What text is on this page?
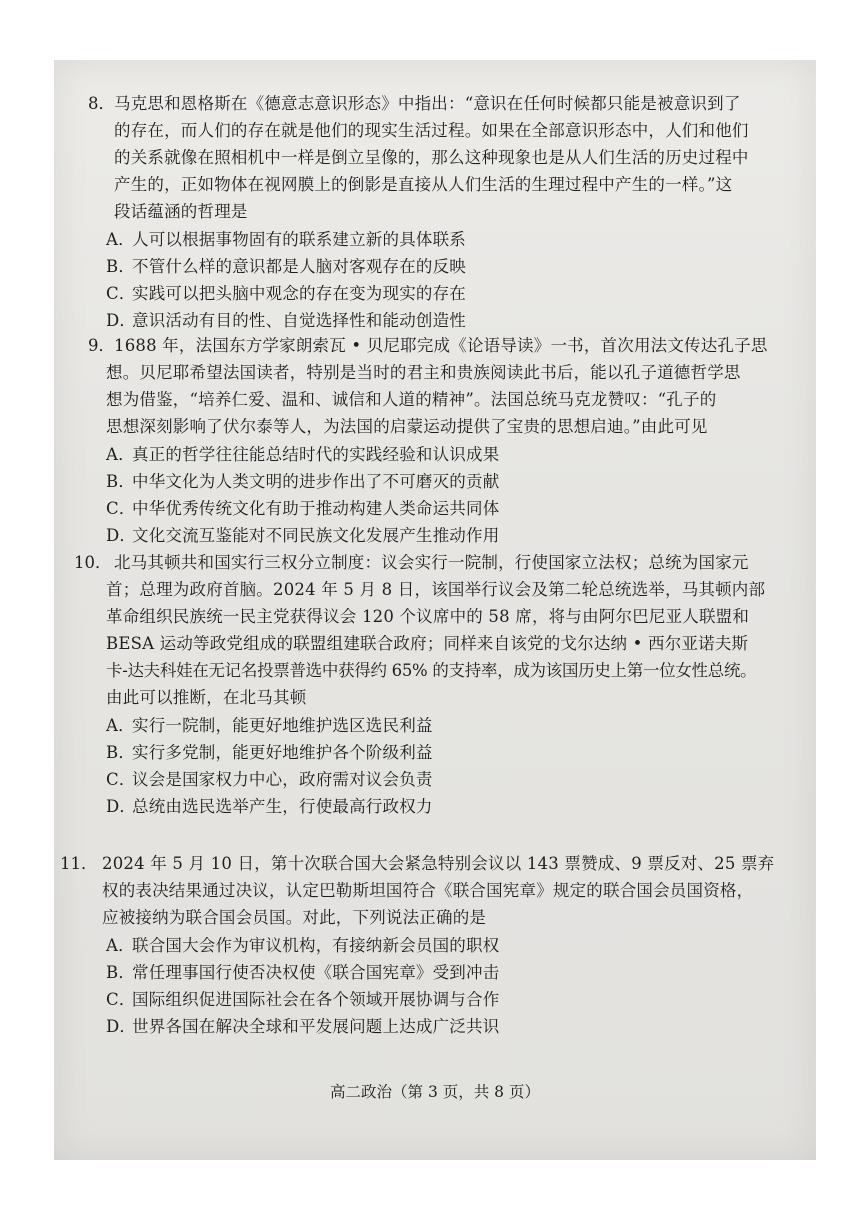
8． 马克思和恩格斯在《德意志意识形态》中指出：“意识在任何时候都只能是被意识到了
的存在，而人们的存在就是他们的现实生活过程。如果在全部意识形态中，人们和他们
的关系就像在照相机中一样是倒立呈像的，那么这种现象也是从人们生活的历史过程中
产生的，正如物体在视网膜上的倒影是直接从人们生活的生理过程中产生的一样。”这
段话蕴涵的哲理是
A．人可以根据事物固有的联系建立新的具体联系
B．不管什么样的意识都是人脑对客观存在的反映
C．实践可以把头脑中观念的存在变为现实的存在
D．意识活动有目的性、自觉选择性和能动创造性
9． 1688 年，法国东方学家朗索瓦 • 贝尼耶完成《论语导读》一书，首次用法文传达孔子思
想。贝尼耶希望法国读者，特别是当时的君主和贵族阅读此书后，能以孔子道德哲学思
想为借鉴，“培养仁爱、温和、诚信和人道的精神”。法国总统马克龙赞叹：“孔子的
思想深刻影响了伏尔泰等人，为法国的启蒙运动提供了宝贵的思想启迪。”由此可见
A．真正的哲学往往能总结时代的实践经验和认识成果
B．中华文化为人类文明的进步作出了不可磨灭的贡献
C．中华优秀传统文化有助于推动构建人类命运共同体
D．文化交流互鉴能对不同民族文化发展产生推动作用
10． 北马其顿共和国实行三权分立制度：议会实行一院制，行使国家立法权；总统为国家元
首；总理为政府首脑。2024 年 5 月 8 日，该国举行议会及第二轮总统选举，马其顿内部
革命组织民族统一民主党获得议会 120 个议席中的 58 席，将与由阿尔巴尼亚人联盟和
BESA 运动等政党组成的联盟组建联合政府；同样来自该党的戈尔达纳 • 西尔亚诺夫斯
卡-达夫科娃在无记名投票普选中获得约 65% 的支持率，成为该国历史上第一位女性总统。
由此可以推断，在北马其顿
A．实行一院制，能更好地维护选区选民利益
B．实行多党制，能更好地维护各个阶级利益
C．议会是国家权力中心，政府需对议会负责
D．总统由选民选举产生，行使最高行政权力
11． 2024 年 5 月 10 日，第十次联合国大会紧急特别会议以 143 票赞成、9 票反对、25 票弃
权的表决结果通过决议，认定巴勒斯坦国符合《联合国宪章》规定的联合国会员国资格，
应被接纳为联合国会员国。对此，下列说法正确的是
A．联合国大会作为审议机构，有接纳新会员国的职权
B．常任理事国行使否决权使《联合国宪章》受到冲击
C．国际组织促进国际社会在各个领域开展协调与合作
D．世界各国在解决全球和平发展问题上达成广泛共识
高二政治（第 3 页，共 8 页）
